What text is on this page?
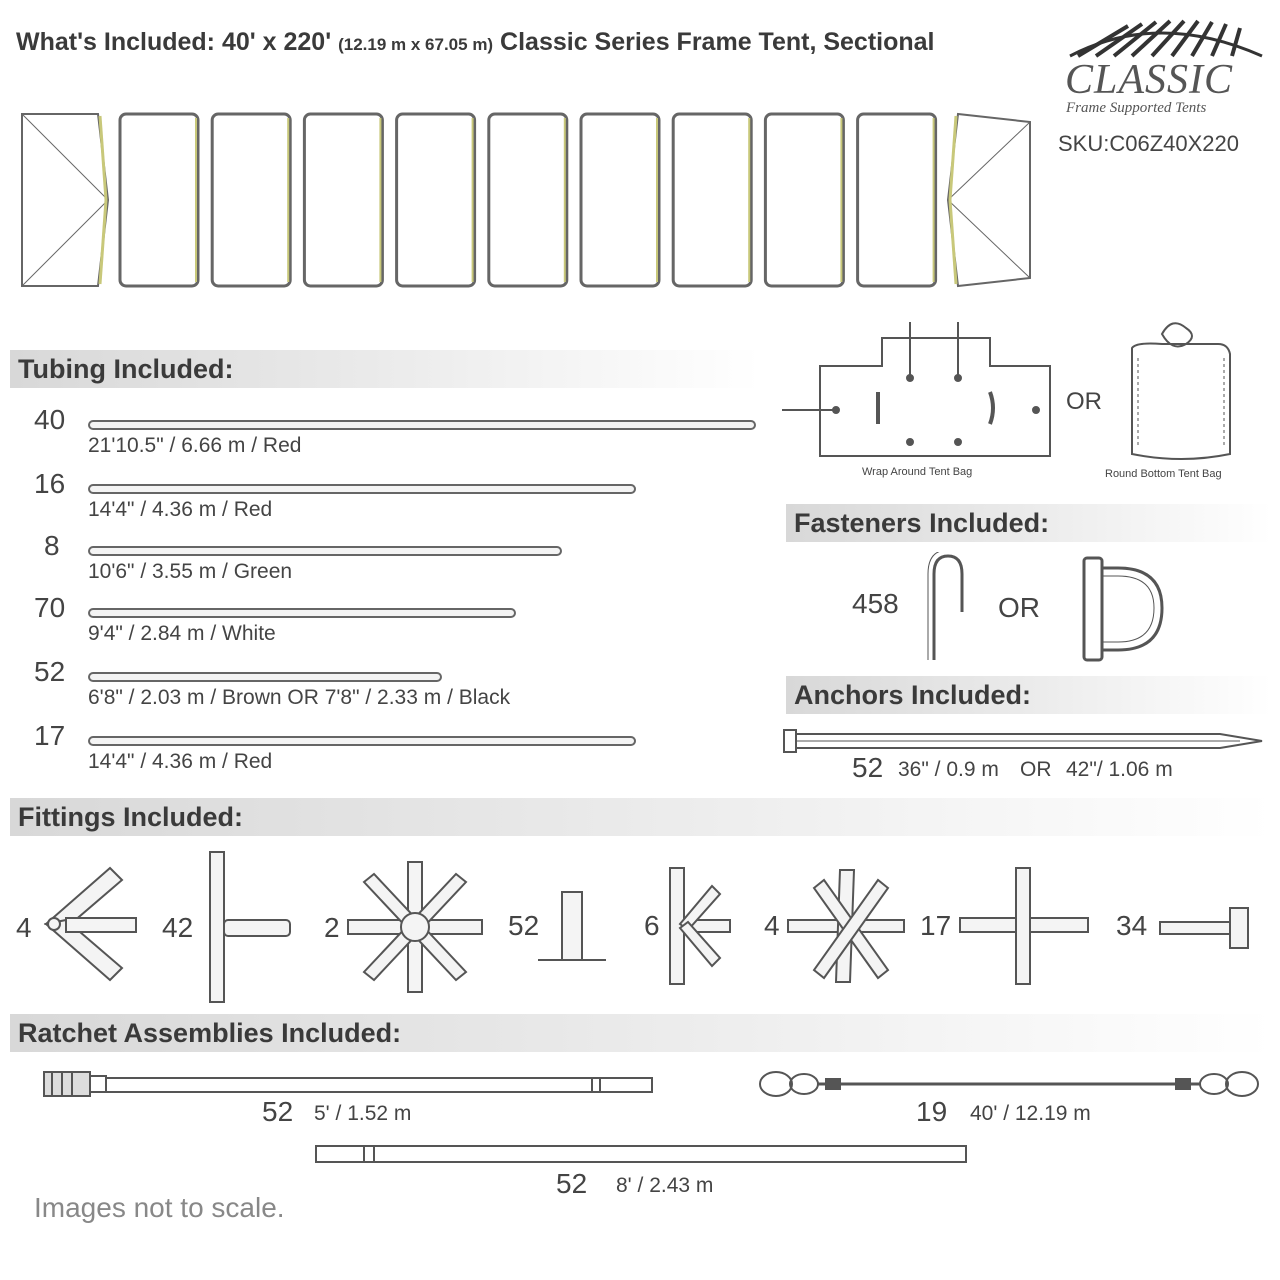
What's Included: 40' x 220' (12.19 m x 67.05 m) Classic Series Frame Tent, Sectional
CLASSIC
Frame Supported Tents
SKU:C06Z40X220
Tubing Included:
40
21'10.5" / 6.66 m / Red
16
14'4" / 4.36 m / Red
8
10'6" / 3.55 m / Green
70
9'4" / 2.84 m / White
52
6'8" / 2.03 m / Brown OR 7'8" / 2.33 m / Black
17
14'4" / 4.36 m / Red
Wrap Around Tent Bag
OR
Round Bottom Tent Bag
Fasteners Included:
458	OR
Anchors Included:
52 36" / 0.9 m OR 42"/ 1.06 m
Fittings Included:
4	42	2	52	6	4	17	34
Ratchet Assemblies Included:
52 5' / 1.52 m	19 40' / 12.19 m
52 8' / 2.43 m
Images not to scale.
